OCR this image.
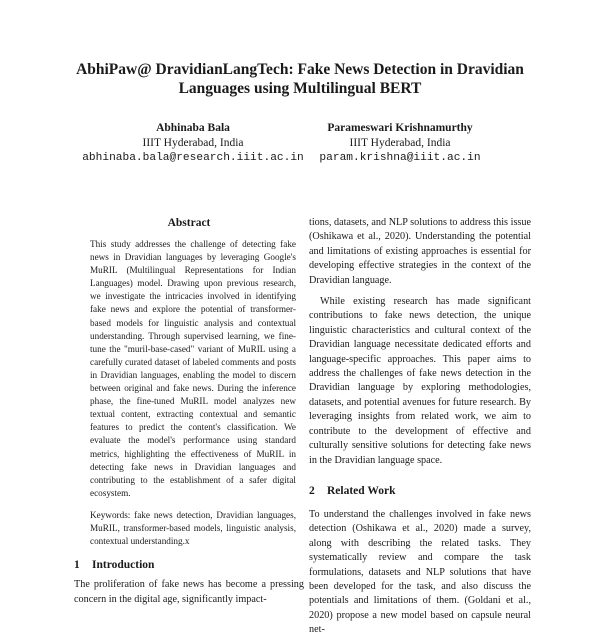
AbhiPaw@ DravidianLangTech: Fake News Detection in Dravidian Languages using Multilingual BERT
Abhinaba Bala
IIIT Hyderabad, India
abhinaba.bala@research.iiit.ac.in
Parameswari Krishnamurthy
IIIT Hyderabad, India
param.krishna@iiit.ac.in
Abstract

This study addresses the challenge of detecting fake news in Dravidian languages by leveraging Google's MuRIL (Multilingual Representations for Indian Languages) model. Drawing upon previous research, we investigate the intricacies involved in identifying fake news and explore the potential of transformer-based models for linguistic analysis and contextual understanding. Through supervised learning, we fine-tune the "muril-base-cased" variant of MuRIL using a carefully curated dataset of labeled comments and posts in Dravidian languages, enabling the model to discern between original and fake news. During the inference phase, the fine-tuned MuRIL model analyzes new textual content, extracting contextual and semantic features to predict the content's classification. We evaluate the model's performance using standard metrics, highlighting the effectiveness of MuRIL in detecting fake news in Dravidian languages and contributing to the establishment of a safer digital ecosystem.

Keywords: fake news detection, Dravidian languages, MuRIL, transformer-based models, linguistic analysis, contextual understanding.x

1 Introduction

The proliferation of fake news has become a pressing concern in the digital age, significantly impact-

tions, datasets, and NLP solutions to address this issue (Oshikawa et al., 2020). Understanding the potential and limitations of existing approaches is essential for developing effective strategies in the context of the Dravidian language.

While existing research has made significant contributions to fake news detection, the unique linguistic characteristics and cultural context of the Dravidian language necessitate dedicated efforts and language-specific approaches. This paper aims to address the challenges of fake news detection in the Dravidian language by exploring methodologies, datasets, and potential avenues for future research. By leveraging insights from related work, we aim to contribute to the development of effective and culturally sensitive solutions for detecting fake news in the Dravidian language space.

2 Related Work

To understand the challenges involved in fake news detection (Oshikawa et al., 2020) made a survey, along with describing the related tasks. They systematically review and compare the task formulations, datasets and NLP solutions that have been developed for the task, and also discuss the potentials and limitations of them. (Goldani et al., 2020) propose a new model based on capsule neural net-
